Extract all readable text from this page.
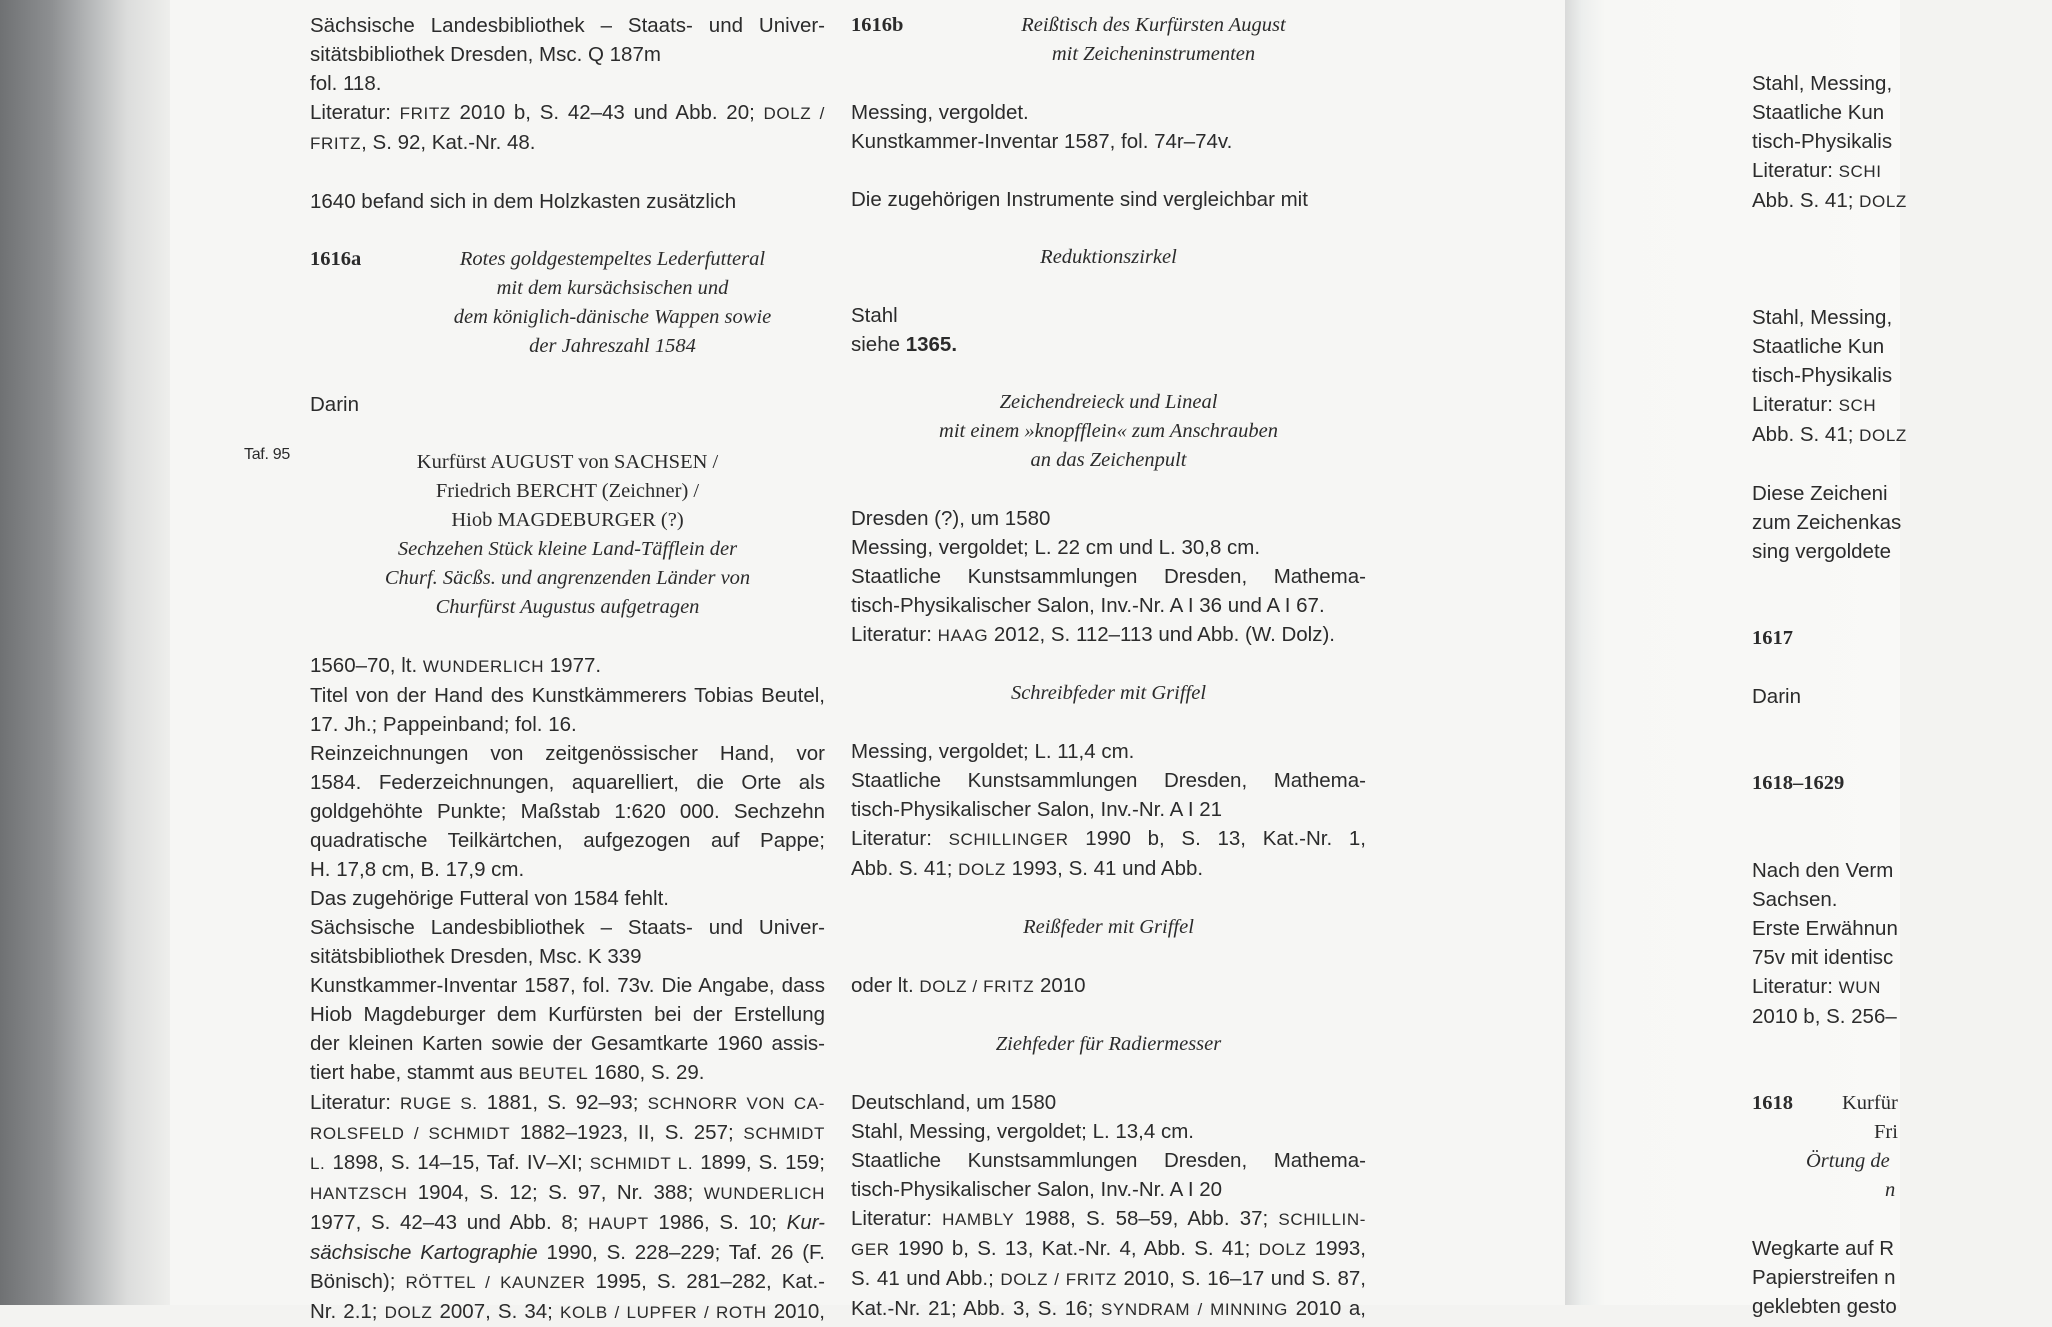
Taf. 95
Sächsische Landesbibliothek – Staats- und Univer-
sitätsbibliothek Dresden, Msc. Q 187m
fol. 118.
Literatur: FRITZ 2010 b, S. 42–43 und Abb. 20; DOLZ /
FRITZ, S. 92, Kat.-Nr. 48.
1640 befand sich in dem Holzkasten zusätzlich
1616a	Rotes goldgestempeltes Lederfutteral
mit dem kursächsischen und
dem königlich-dänische Wappen sowie
der Jahreszahl 1584
Darin
Kurfürst AUGUST von SACHSEN /
Friedrich BERCHT (Zeichner) /
Hiob MAGDEBURGER (?)
Sechzehen Stück kleine Land-Täfflein der
Churf. Säcßs. und angrenzenden Länder von
Churfürst Augustus aufgetragen
1560–70, lt. WUNDERLICH 1977.
Titel von der Hand des Kunstkämmerers Tobias Beutel,
17. Jh.; Pappeinband; fol. 16.
Reinzeichnungen von zeitgenössischer Hand, vor
1584. Federzeichnungen, aquarelliert, die Orte als
goldgehöhte Punkte; Maßstab 1:620 000. Sechzehn
quadratische Teilkärtchen, aufgezogen auf Pappe;
H. 17,8 cm, B. 17,9 cm.
Das zugehörige Futteral von 1584 fehlt.
Sächsische Landesbibliothek – Staats- und Univer-
sitätsbibliothek Dresden, Msc. K 339
Kunstkammer-Inventar 1587, fol. 73v. Die Angabe, dass
Hiob Magdeburger dem Kurfürsten bei der Erstellung
der kleinen Karten sowie der Gesamtkarte 1960 assis-
tiert habe, stammt aus BEUTEL 1680, S. 29.
Literatur: RUGE S. 1881, S. 92–93; SCHNORR VON CA-
ROLSFELD / SCHMIDT 1882–1923, II, S. 257; SCHMIDT
L. 1898, S. 14–15, Taf. IV–XI; SCHMIDT L. 1899, S. 159;
HANTZSCH 1904, S. 12; S. 97, Nr. 388; WUNDERLICH
1977, S. 42–43 und Abb. 8; HAUPT 1986, S. 10; Kur-
sächsische Kartographie 1990, S. 228–229; Taf. 26 (F.
Bönisch); RÖTTEL / KAUNZER 1995, S. 281–282, Kat.-
Nr. 2.1; DOLZ 2007, S. 34; KOLB / LUPFER / ROTH 2010,
1616b	Reißtisch des Kurfürsten August
mit Zeicheninstrumenten
Messing, vergoldet.
Kunstkammer-Inventar 1587, fol. 74r–74v.
Die zugehörigen Instrumente sind vergleichbar mit
Reduktionszirkel
Stahl
siehe 1365.
Zeichendreieck und Lineal
mit einem »knopfflein« zum Anschrauben
an das Zeichenpult
Dresden (?), um 1580
Messing, vergoldet; L. 22 cm und L. 30,8 cm.
Staatliche Kunstsammlungen Dresden, Mathema-
tisch-Physikalischer Salon, Inv.-Nr. A I 36 und A I 67.
Literatur: HAAG 2012, S. 112–113 und Abb. (W. Dolz).
Schreibfeder mit Griffel
Messing, vergoldet; L. 11,4 cm.
Staatliche Kunstsammlungen Dresden, Mathema-
tisch-Physikalischer Salon, Inv.-Nr. A I 21
Literatur: SCHILLINGER 1990 b, S. 13, Kat.-Nr. 1,
Abb. S. 41; DOLZ 1993, S. 41 und Abb.
Reißfeder mit Griffel
oder lt. DOLZ / FRITZ 2010
Ziehfeder für Radiermesser
Deutschland, um 1580
Stahl, Messing, vergoldet; L. 13,4 cm.
Staatliche Kunstsammlungen Dresden, Mathema-
tisch-Physikalischer Salon, Inv.-Nr. A I 20
Literatur: HAMBLY 1988, S. 58–59, Abb. 37; SCHILLIN-
GER 1990 b, S. 13, Kat.-Nr. 4, Abb. S. 41; DOLZ 1993,
S. 41 und Abb.; DOLZ / FRITZ 2010, S. 16–17 und S. 87,
Kat.-Nr. 21; Abb. 3, S. 16; SYNDRAM / MINNING 2010 a,
Stahl, Messing,
Staatliche Kun
tisch-Physikalis
Literatur: SCHI
Abb. S. 41; DOLZ
Stahl, Messing,
Staatliche Kun
tisch-Physikalis
Literatur: SCH
Abb. S. 41; DOLZ
Diese Zeicheni
zum Zeichenkas
sing vergoldete
1617
Darin
1618–1629
Nach den Verm
Sachsen.
Erste Erwähnun
75v mit identisc
Literatur: WUN
2010 b, S. 256–
1618	Kurfür
Fri
Örtung de
n
Wegkarte auf R
Papierstreifen n
geklebten gesto
